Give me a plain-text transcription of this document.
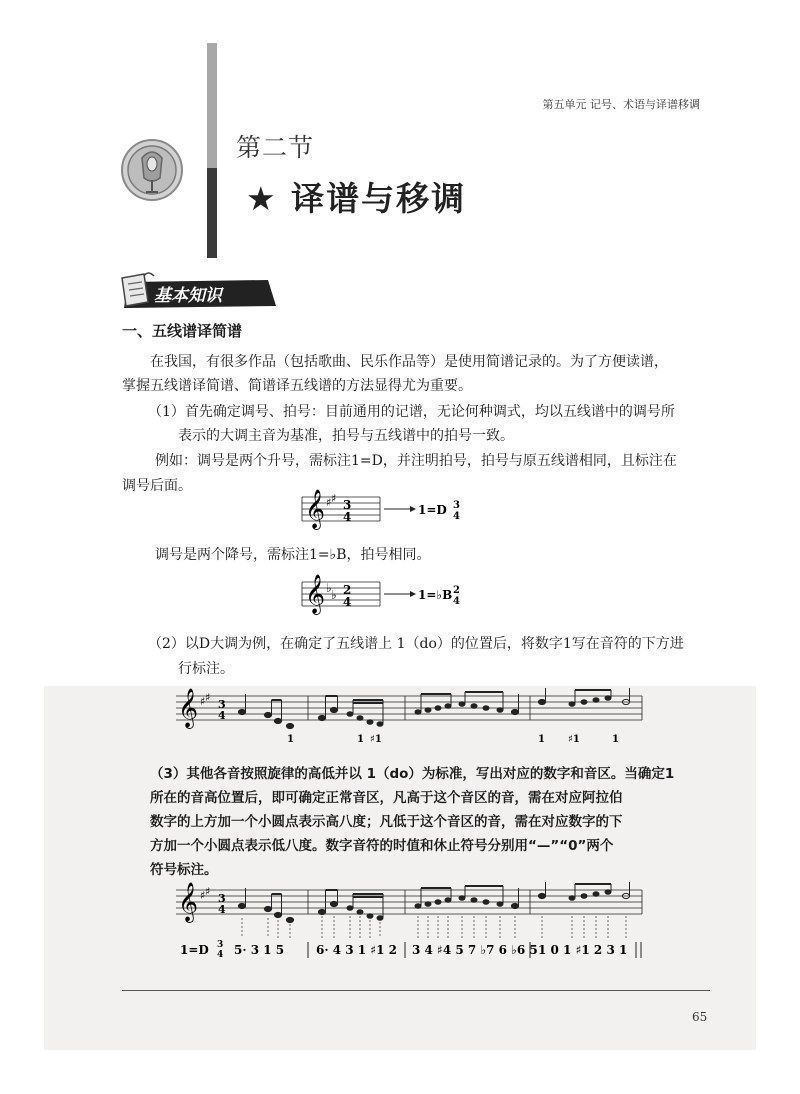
第五单元 记号、术语与译谱移调
第二节
★ 译谱与移调
基本知识
一、五线谱译简谱
在我国，有很多作品（包括歌曲、民乐作品等）是使用简谱记录的。为了方便读谱，
掌握五线谱译简谱、简谱译五线谱的方法显得尤为重要。
（1）首先确定调号、拍号：目前通用的记谱，无论何种调式，均以五线谱中的调号所
表示的大调主音为基准，拍号与五线谱中的拍号一致。
例如：调号是两个升号，需标注1=D，并注明拍号，拍号与原五线谱相同，且标注在
调号后面。
𝄞 ♯ ♯ 3
4	1=D 3
4
调号是两个降号，需标注1=♭B，拍号相同。
𝄞 ♭ ♭ 2
4	1=♭B 2
4
（2）以D大调为例，在确定了五线谱上 1（do）的位置后，将数字1写在音符的下方进
行标注。
𝄞 ♯ ♯
3
4
1	1 ♯1	1 ♯1	1
（3）其他各音按照旋律的高低并以 1（do）为标准，写出对应的数字和音区。当确定1
所在的音高位置后，即可确定正常音区，凡高于这个音区的音，需在对应阿拉伯
数字的上方加一个小圆点表示高八度；凡低于这个音区的音，需在对应数字的下
方加一个小圆点表示低八度。数字音符的时值和休止符号分别用“—”“0”两个
符号标注。
𝄞 ♯ ♯
3
4
1=D 3
4 5· 3 1 5	6· 4 3 1 ♯1 2 3 4 ♯4 5 7 ♭7 6 ♭6 5 1 0 1 ♯1 2 3 1
65
